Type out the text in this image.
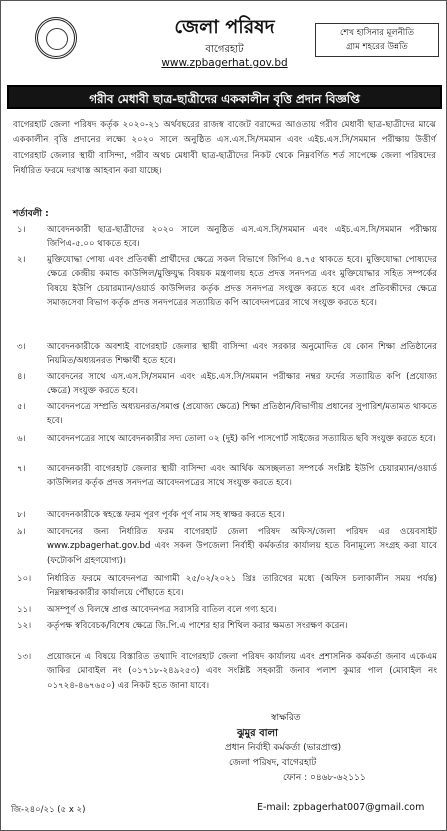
জেলা পরিষদ
বাগেরহাট
www.zpbagerhat.gov.bd
শেখ হাসিনার মূলনীতি
গ্রাম শহরের উন্নতি
গরীব মেধাবী ছাত্র-ছাত্রীদের এককালীন বৃত্তি প্রদান বিজ্ঞপ্তি
বাগেরহাট জেলা পরিষদ কর্তৃক ২০২০-২১ অর্থবছরের রাজস্ব বাজেট বরাদ্দের আওতায় গরীব মেধাবী ছাত্র-ছাত্রীদের মাঝে এককালীন বৃত্তি প্রদানের লক্ষ্যে ২০২০ সালে অনুষ্ঠিত এস.এস.সি/সমমান এবং এইচ.এস.সি/সমমান পরীক্ষায় উত্তীর্ণ বাগেরহাট জেলার স্থায়ী বাসিন্দা, গরীব অথচ মেধাবী ছাত্র-ছাত্রীদের নিকট থেকে নিম্নবর্ণিত শর্ত সাপেক্ষে জেলা পরিষদের নির্ধারিত ফরমে দরখাস্ত আহবান করা যাচ্ছে।
শর্তাবলী :
১।	আবেদনকারী ছাত্র-ছাত্রীদের ২০২০ সালে অনুষ্ঠিত এস.এস.সি/সমমান এবং এইচ.এস.সি/সমমান পরীক্ষায় জিপিএ-৫.০০ থাকতে হবে।
২।	মুক্তিযোদ্ধা পোষ্য এবং প্রতিবন্ধী প্রার্থীদের ক্ষেত্রে সকল বিভাগে জিপিএ ৪.৭৫ থাকতে হবে। মুক্তিযোদ্ধা পোষ্যদের ক্ষেত্রে কেন্দ্রীয় কমান্ড কাউন্সিল/মুক্তিযুদ্ধ বিষয়ক মন্ত্রণালয় হতে প্রদত্ত সনদপত্র এবং মুক্তিযোদ্ধার সহিত সম্পর্কের বিষয়ে ইউপি চেয়ারম্যান/ওয়ার্ড কাউন্সিলর কর্তৃক প্রদত্ত সনদপত্র সংযুক্ত করতে হবে এবং প্রতিবন্ধীদের ক্ষেত্রে সমাজসেবা বিভাগ কর্তৃক প্রদত্ত সনদপত্রের সত্যায়িত কপি আবেদনপত্রের সাথে সংযুক্ত করতে হবে।
৩।	আবেদনকারীকে অবশ্যই বাগেরহাট জেলার স্থায়ী বাসিন্দা এবং সরকার অনুমোদিত যে কোন শিক্ষা প্রতিষ্ঠানের নিয়মিত/অধ্যয়নরত শিক্ষার্থী হতে হবে।
৪।	আবেদনের সাথে এস.এস.সি/সমমান এবং এইচ.এস.সি/সমমান পরীক্ষার নম্বর ফর্দের সত্যায়িত কপি (প্রযোজ্য ক্ষেত্রে) সংযুক্ত করতে হবে।
৫।	আবেদনপত্রে সম্প্রতি অধ্যয়নরত/সমাপ্ত (প্রযোজ্য ক্ষেত্রে) শিক্ষা প্রতিষ্ঠান/বিভাগীয় প্রধানের সুপারিশ/মতামত থাকতে হবে।
৬।	আবেদনপত্রের সাথে আবেদনকারীর সদ্য তোলা ০২ (দুই) কপি পাসপোর্ট সাইজের সত্যায়িত ছবি সংযুক্ত করতে হবে।
৭।	আবেদনকারী বাগেরহাট জেলার স্থায়ী বাসিন্দা এবং আর্থিক অসচ্ছলতা সম্পর্কে সংশ্লিষ্ট ইউপি চেয়ারম্যান/ওয়ার্ড কাউন্সিলর কর্তৃক প্রদত্ত সনদপত্র আবেদনপত্রের সাথে সংযুক্ত করতে হবে।
৮।	আবেদনকারীকে স্বহস্তে ফরম পূরণ পূর্বক পূর্ণ নাম সহ স্বাক্ষর করতে হবে।
৯।	আবেদনের জন্য নির্ধারিত ফরম বাগেরহাট জেলা পরিষদ অফিস/জেলা পরিষদ এর ওয়েবসাইট www.zpbagerhat.gov.bd এবং সকল উপজেলা নির্বাহী কর্মকর্তার কার্যালয় হতে বিনামূল্যে সংগ্রহ করা যাবে (ফটোকপি গ্রহণযোগ্য)।
১০।	নির্ধারিত ফরমে আবেদনপত্র আগামী ২৫/০২/২০২১ খ্রিঃ তারিখের মধ্যে (অফিস চলাকালীন সময় পর্যন্ত) নিম্নস্বাক্ষরকারীর কার্যালয়ে পৌঁছাতে হবে।
১১।	অসম্পূর্ণ ও বিলম্বে প্রাপ্ত আবেদনপত্র সরাসরি বাতিল বলে গণ্য হবে।
১২।	কর্তৃপক্ষ স্ববিবেচক/বিশেষ ক্ষেত্রে জি.পি.এ পাশের হার শিথিল করার ক্ষমতা সংরক্ষণ করেন।
১৩।	প্রয়োজনে এ বিষয়ে বিস্তারিত তথ্যাদি বাগেরহাট জেলা পরিষদ কার্যালয় এবং প্রশাসনিক কর্মকর্তা জনাব একেএম জাকির মোবাইল নং (০১৭১৮-২৪৯২৫৩) এবং সংশ্লিষ্ট সহকারী জনাব পলাশ কুমার পাল (মোবাইল নং ০১৭২৪-৪৬৭৬৫০) এর নিকট হতে জানা যাবে।
স্বাক্ষরিত
ঝুমুর বালা
প্রধান নির্বাহী কর্মকর্তা (ভারপ্রাপ্ত)
জেলা পরিষদ, বাগেরহাট
ফোন : ০৪৬৮-৬২১১১
জি-২৪০/২১ (৫ x ২)	E-mail: zpbagerhat007@gmail.com
